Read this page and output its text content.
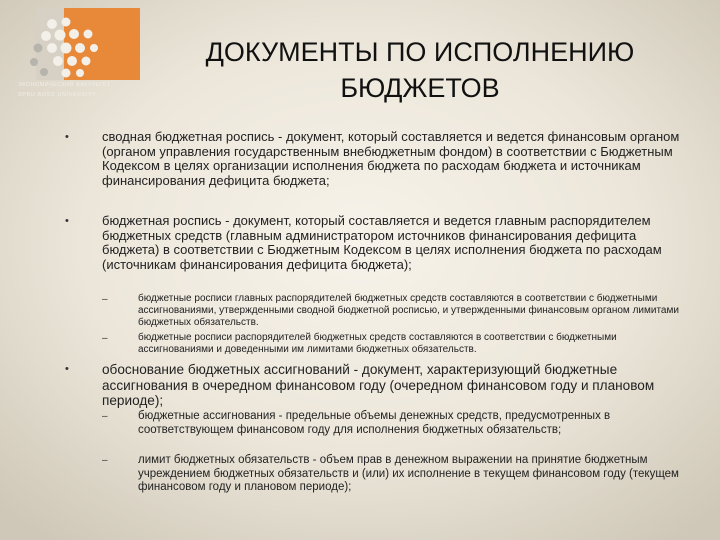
ЭКОНОМИЧЕСКИЙ ФАКУЛЬТЕТ
SPBU BOSS UNIVERSITY
ДОКУМЕНТЫ ПО ИСПОЛНЕНИЮ
БЮДЖЕТОВ
•	сводная бюджетная роспись - документ, который составляется и ведется финансовым органом (органом управления государственным внебюджетным фондом) в соответствии с Бюджетным Кодексом в целях организации исполнения бюджета по расходам бюджета и источникам финансирования дефицита бюджета;
•	бюджетная роспись - документ, который составляется и ведется главным распорядителем бюджетных средств (главным администратором источников финансирования дефицита бюджета) в соответствии с Бюджетным Кодексом в целях исполнения бюджета по расходам (источникам финансирования дефицита бюджета);
–	бюджетные росписи главных распорядителей бюджетных средств составляются в соответствии с бюджетными ассигнованиями, утвержденными сводной бюджетной росписью, и утвержденными финансовым органом лимитами бюджетных обязательств.
–	бюджетные росписи распорядителей бюджетных средств составляются в соответствии с бюджетными ассигнованиями и доведенными им лимитами бюджетных обязательств.
• обоснование бюджетных ассигнований - документ, характеризующий бюджетные ассигнования в очередном финансовом году (очередном финансовом году и плановом периоде);
–	бюджетные ассигнования - предельные объемы денежных средств, предусмотренных в соответствующем финансовом году для исполнения бюджетных обязательств;
–	лимит бюджетных обязательств - объем прав в денежном выражении на принятие бюджетным учреждением бюджетных обязательств и (или) их исполнение в текущем финансовом году (текущем финансовом году и плановом периоде);
